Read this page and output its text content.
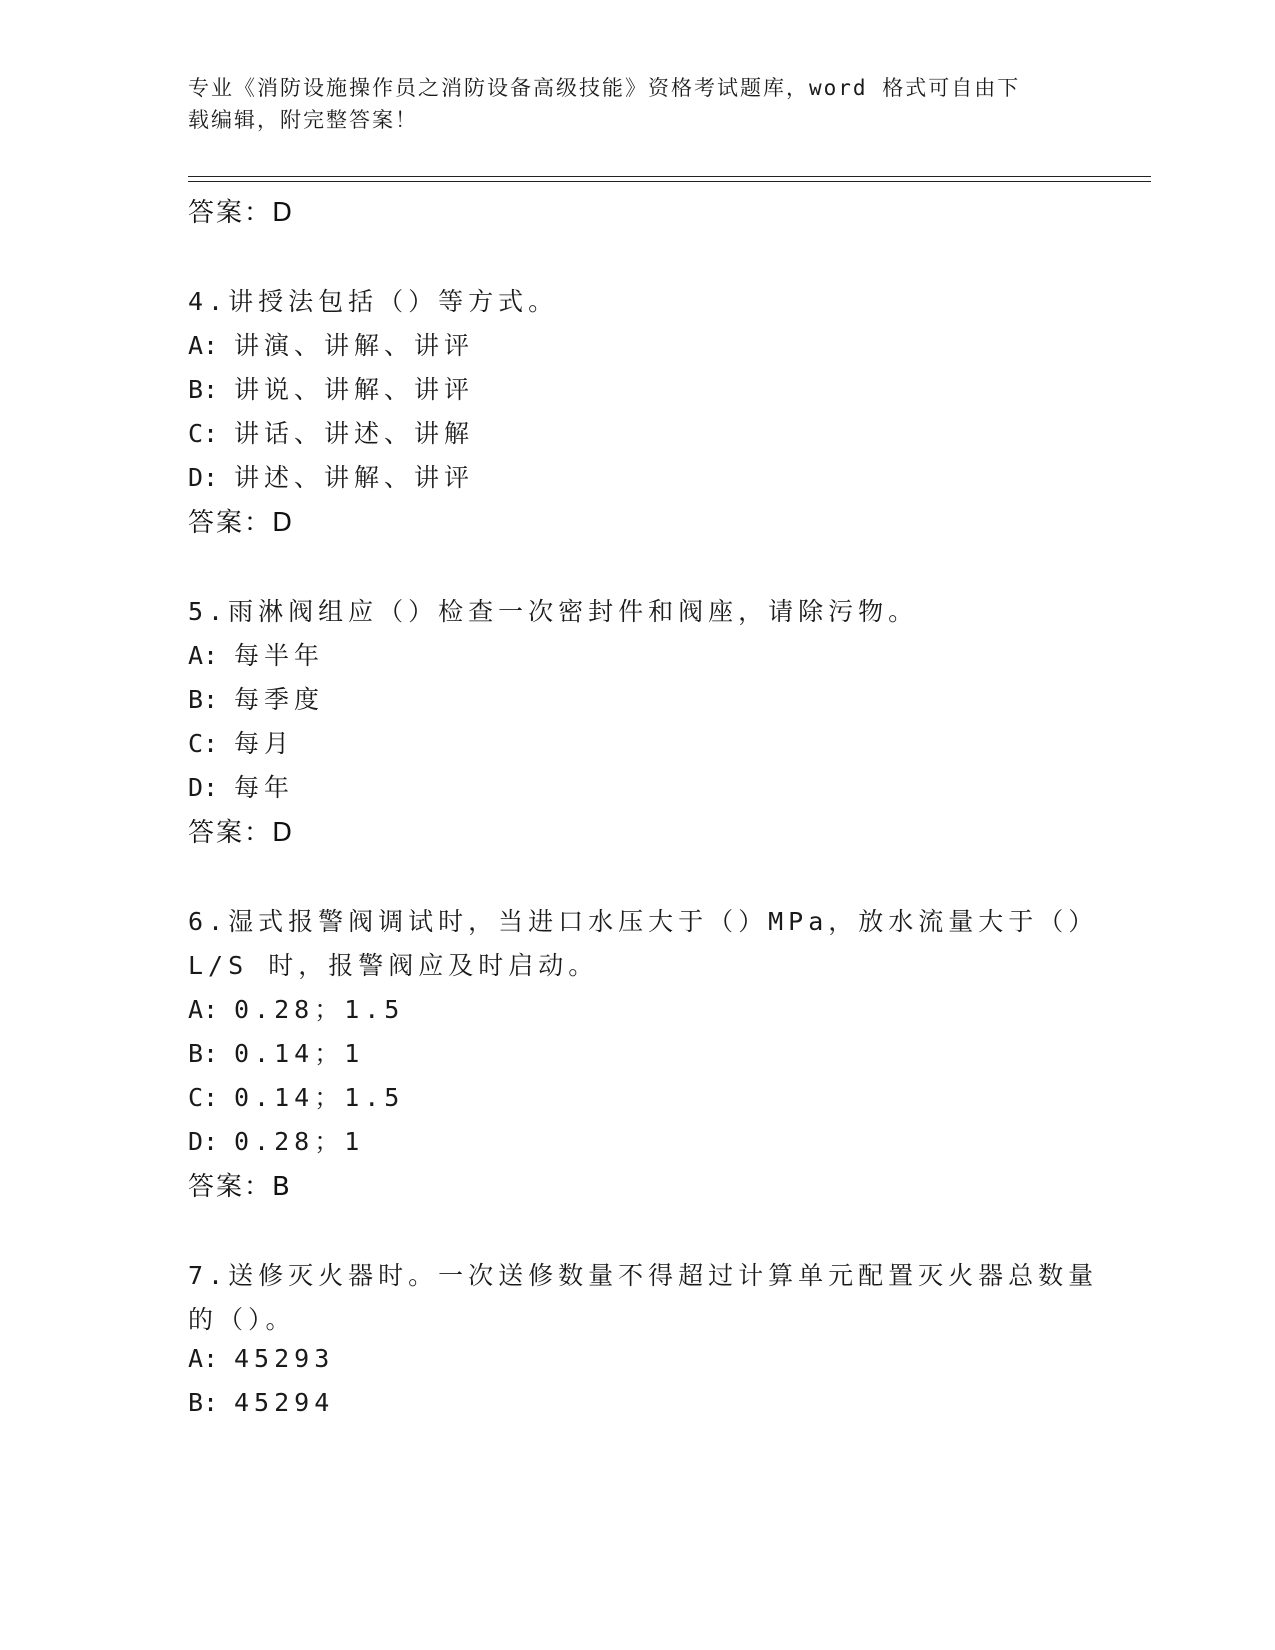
专业《消防设施操作员之消防设备高级技能》资格考试题库，word 格式可自由下
载编辑，附完整答案！
答案：D
4.讲授法包括（）等方式。
A: 讲演、讲解、讲评
B: 讲说、讲解、讲评
C: 讲话、讲述、讲解
D: 讲述、讲解、讲评
答案：D
5.雨淋阀组应（）检查一次密封件和阀座，请除污物。
A: 每半年
B: 每季度
C: 每月
D: 每年
答案：D
6.湿式报警阀调试时，当进口水压大于（）MPa，放水流量大于（）
L/S 时，报警阀应及时启动。
A: 0.28；1.5
B: 0.14；1
C: 0.14；1.5
D: 0.28；1
答案：B
7.送修灭火器时。一次送修数量不得超过计算单元配置灭火器总数量
的（）。
A: 45293
B: 45294
